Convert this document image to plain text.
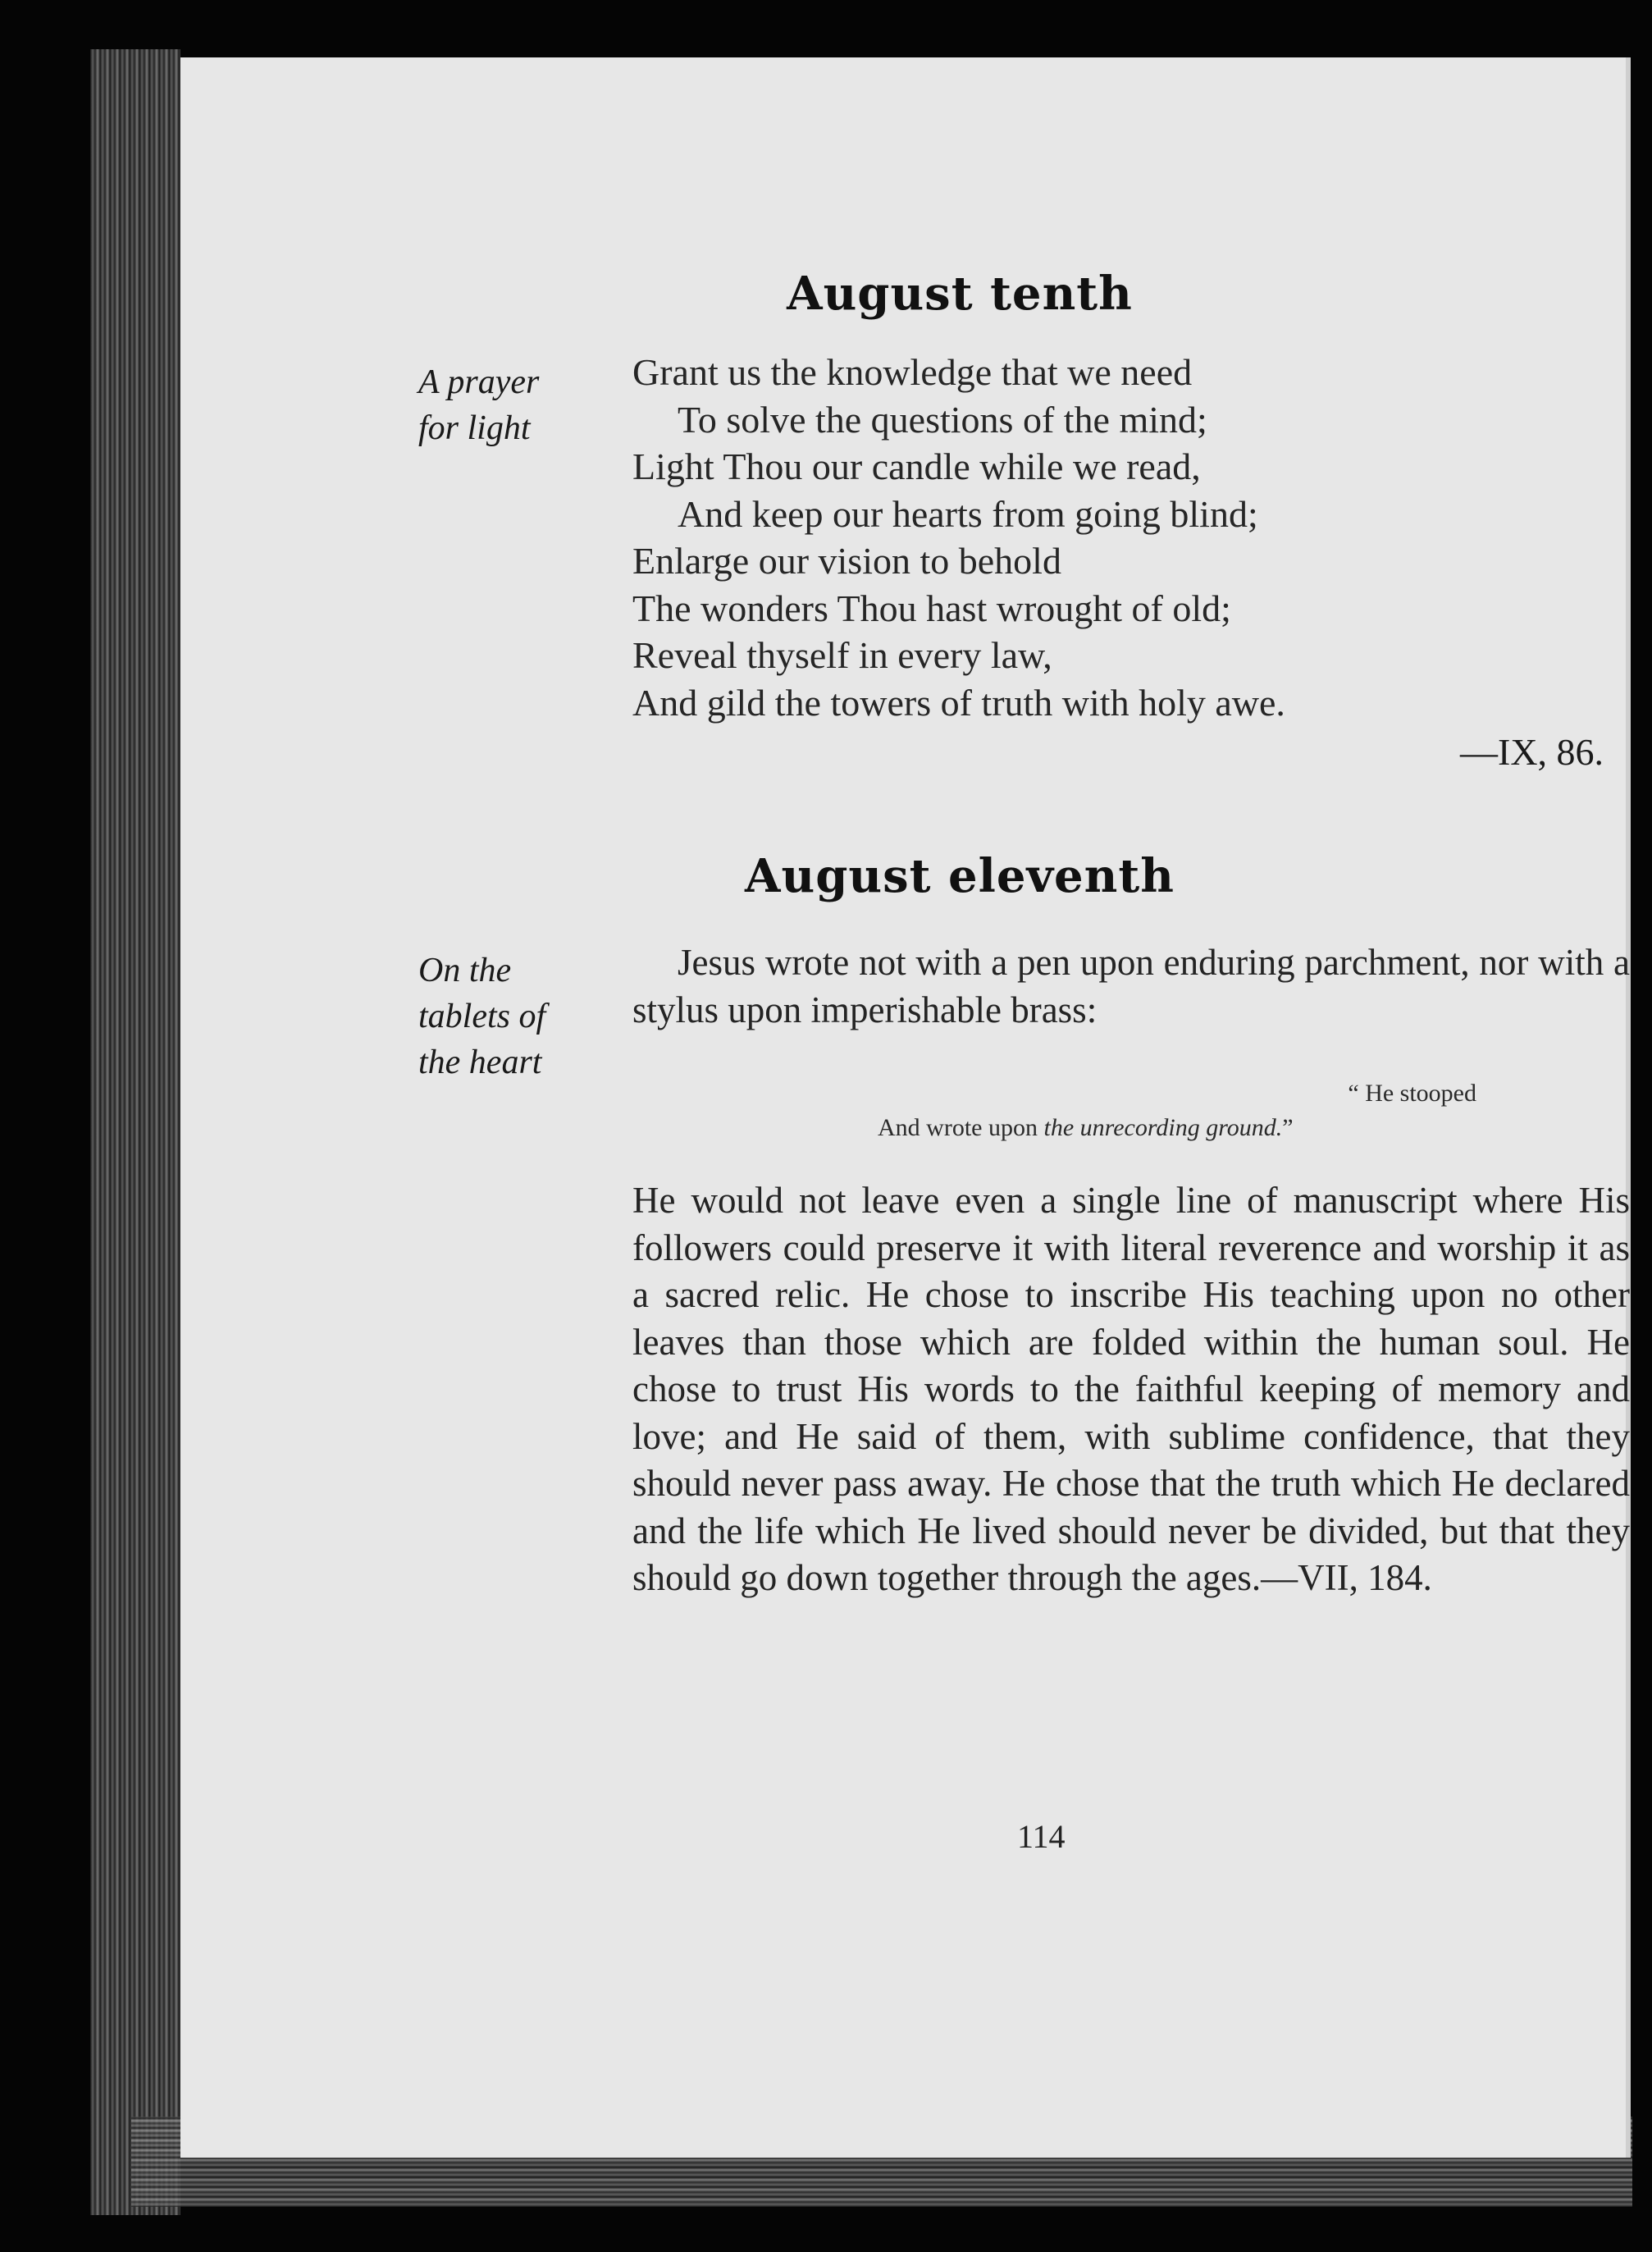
August tenth
A prayer
for light
Grant us the knowledge that we need
To solve the questions of the mind;
Light Thou our candle while we read,
And keep our hearts from going blind;
Enlarge our vision to behold
The wonders Thou hast wrought of old;
Reveal thyself in every law,
And gild the towers of truth with holy awe.
—IX, 86.
August eleventh
On the
tablets of
the heart
Jesus wrote not with a pen upon enduring parchment, nor with a stylus upon imperishable brass:
“ He stooped
And wrote upon the unrecording ground.”
He would not leave even a single line of manuscript where His followers could preserve it with literal reverence and worship it as a sacred relic. He chose to inscribe His teaching upon no other leaves than those which are folded within the human soul. He chose to trust His words to the faithful keeping of memory and love; and He said of them, with sublime confidence, that they should never pass away. He chose that the truth which He declared and the life which He lived should never be divided, but that they should go down together through the ages.—VII, 184.
114
